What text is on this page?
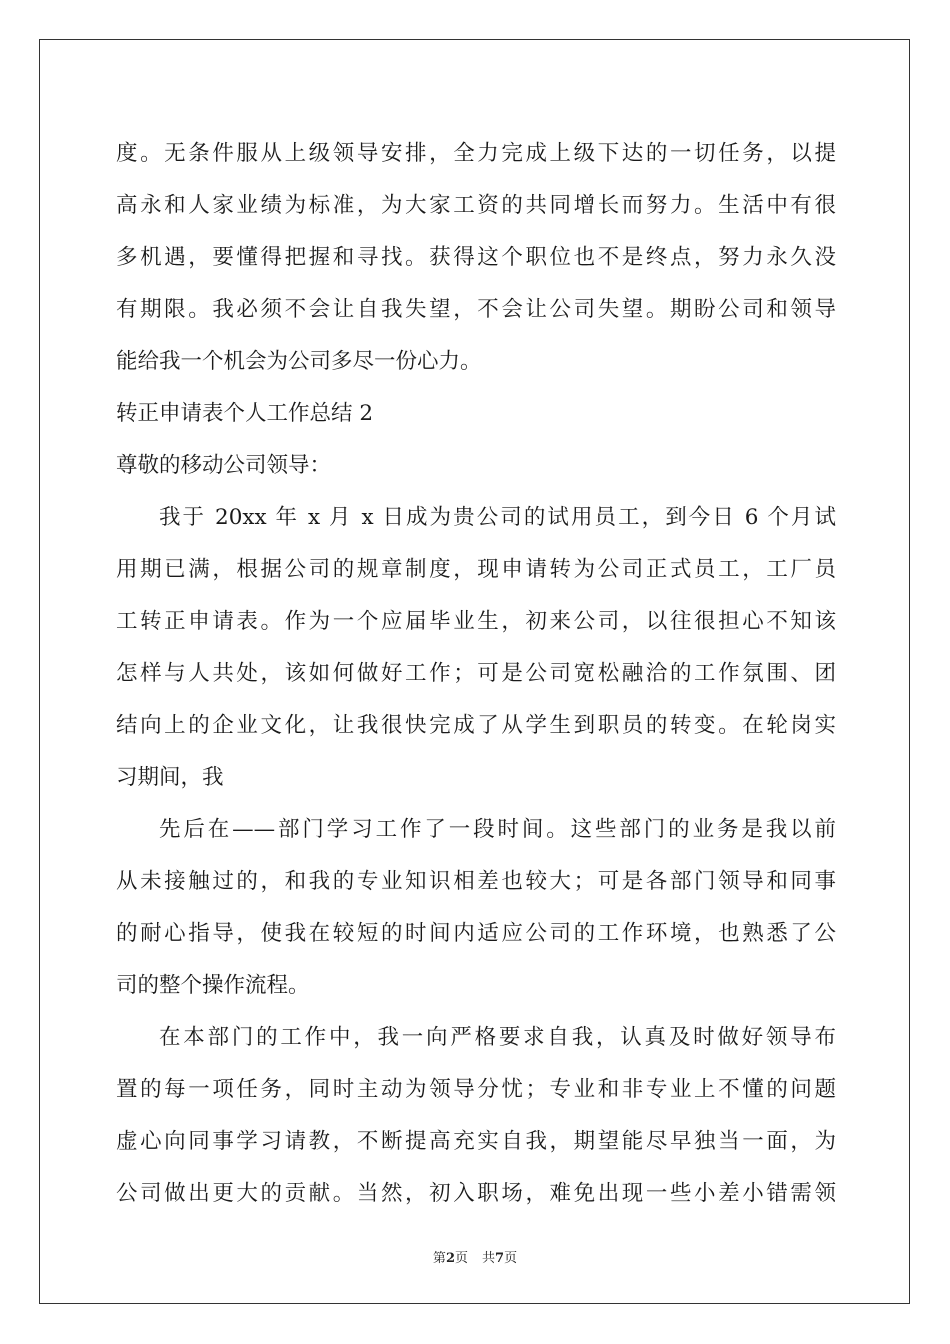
度。无条件服从上级领导安排，全力完成上级下达的一切任务，以提
高永和人家业绩为标准，为大家工资的共同增长而努力。生活中有很
多机遇，要懂得把握和寻找。获得这个职位也不是终点，努力永久没
有期限。我必须不会让自我失望，不会让公司失望。期盼公司和领导
能给我一个机会为公司多尽一份心力。
转正申请表个人工作总结 2
尊敬的移动公司领导：
我于 20xx 年 x 月 x 日成为贵公司的试用员工，到今日 6 个月试
用期已满，根据公司的规章制度，现申请转为公司正式员工，工厂员
工转正申请表。作为一个应届毕业生，初来公司，以往很担心不知该
怎样与人共处，该如何做好工作；可是公司宽松融洽的工作氛围、团
结向上的企业文化，让我很快完成了从学生到职员的转变。在轮岗实
习期间，我
先后在——部门学习工作了一段时间。这些部门的业务是我以前
从未接触过的，和我的专业知识相差也较大；可是各部门领导和同事
的耐心指导，使我在较短的时间内适应公司的工作环境，也熟悉了公
司的整个操作流程。
在本部门的工作中，我一向严格要求自我，认真及时做好领导布
置的每一项任务，同时主动为领导分忧；专业和非专业上不懂的问题
虚心向同事学习请教，不断提高充实自我，期望能尽早独当一面，为
公司做出更大的贡献。当然，初入职场，难免出现一些小差小错需领
第2页 共7页
